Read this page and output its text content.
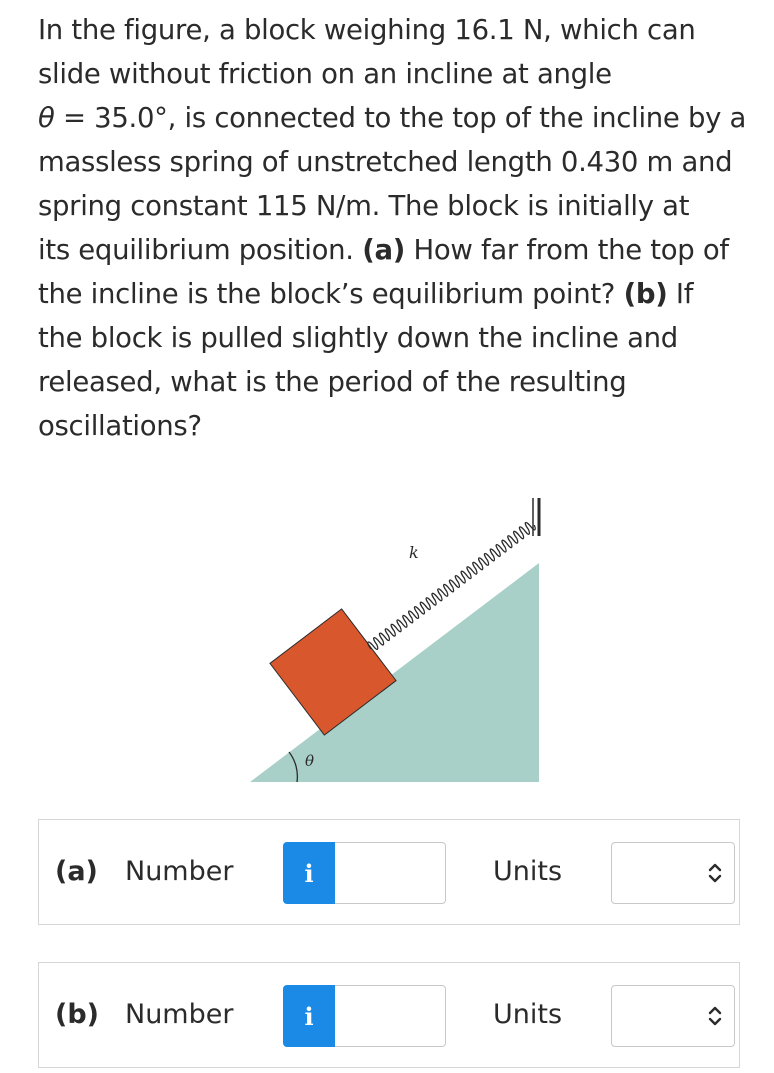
In the figure, a block weighing 16.1 N, which can
slide without friction on an incline at angle
θ = 35.0°, is connected to the top of the incline by a
massless spring of unstretched length 0.430 m and
spring constant 115 N/m. The block is initially at
its equilibrium position. (a) How far from the top of
the incline is the block’s equilibrium point? (b) If
the block is pulled slightly down the incline and
released, what is the period of the resulting
oscillations?

k
θ
(a) Number	i	Units
(b) Number	i	Units
